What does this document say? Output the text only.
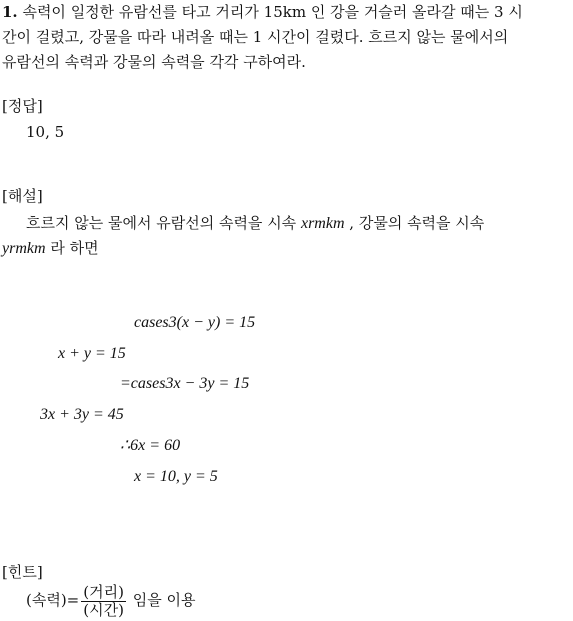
1. 속력이 일정한 유람선를 타고 거리가 15km 인 강을 거슬러 올라갈 때는 3 시
간이 걸렸고, 강물을 따라 내려올 때는 1 시간이 걸렸다. 흐르지 않는 물에서의
유람선의 속력과 강물의 속력을 각각 구하여라.
[정답]
10, 5
[해설]
흐르지 않는 물에서 유람선의 속력을 시속 xrmkm , 강물의 속력을 시속
yrmkm 라 하면
cases3(x − y) = 15
x + y = 15
=cases3x − 3y = 15
3x + 3y = 45
∴6x = 60
x = 10, y = 5
[힌트]
(속력)= $\frac{\text{(거리)}}{\text{(시간)}}$ 임을 이용
